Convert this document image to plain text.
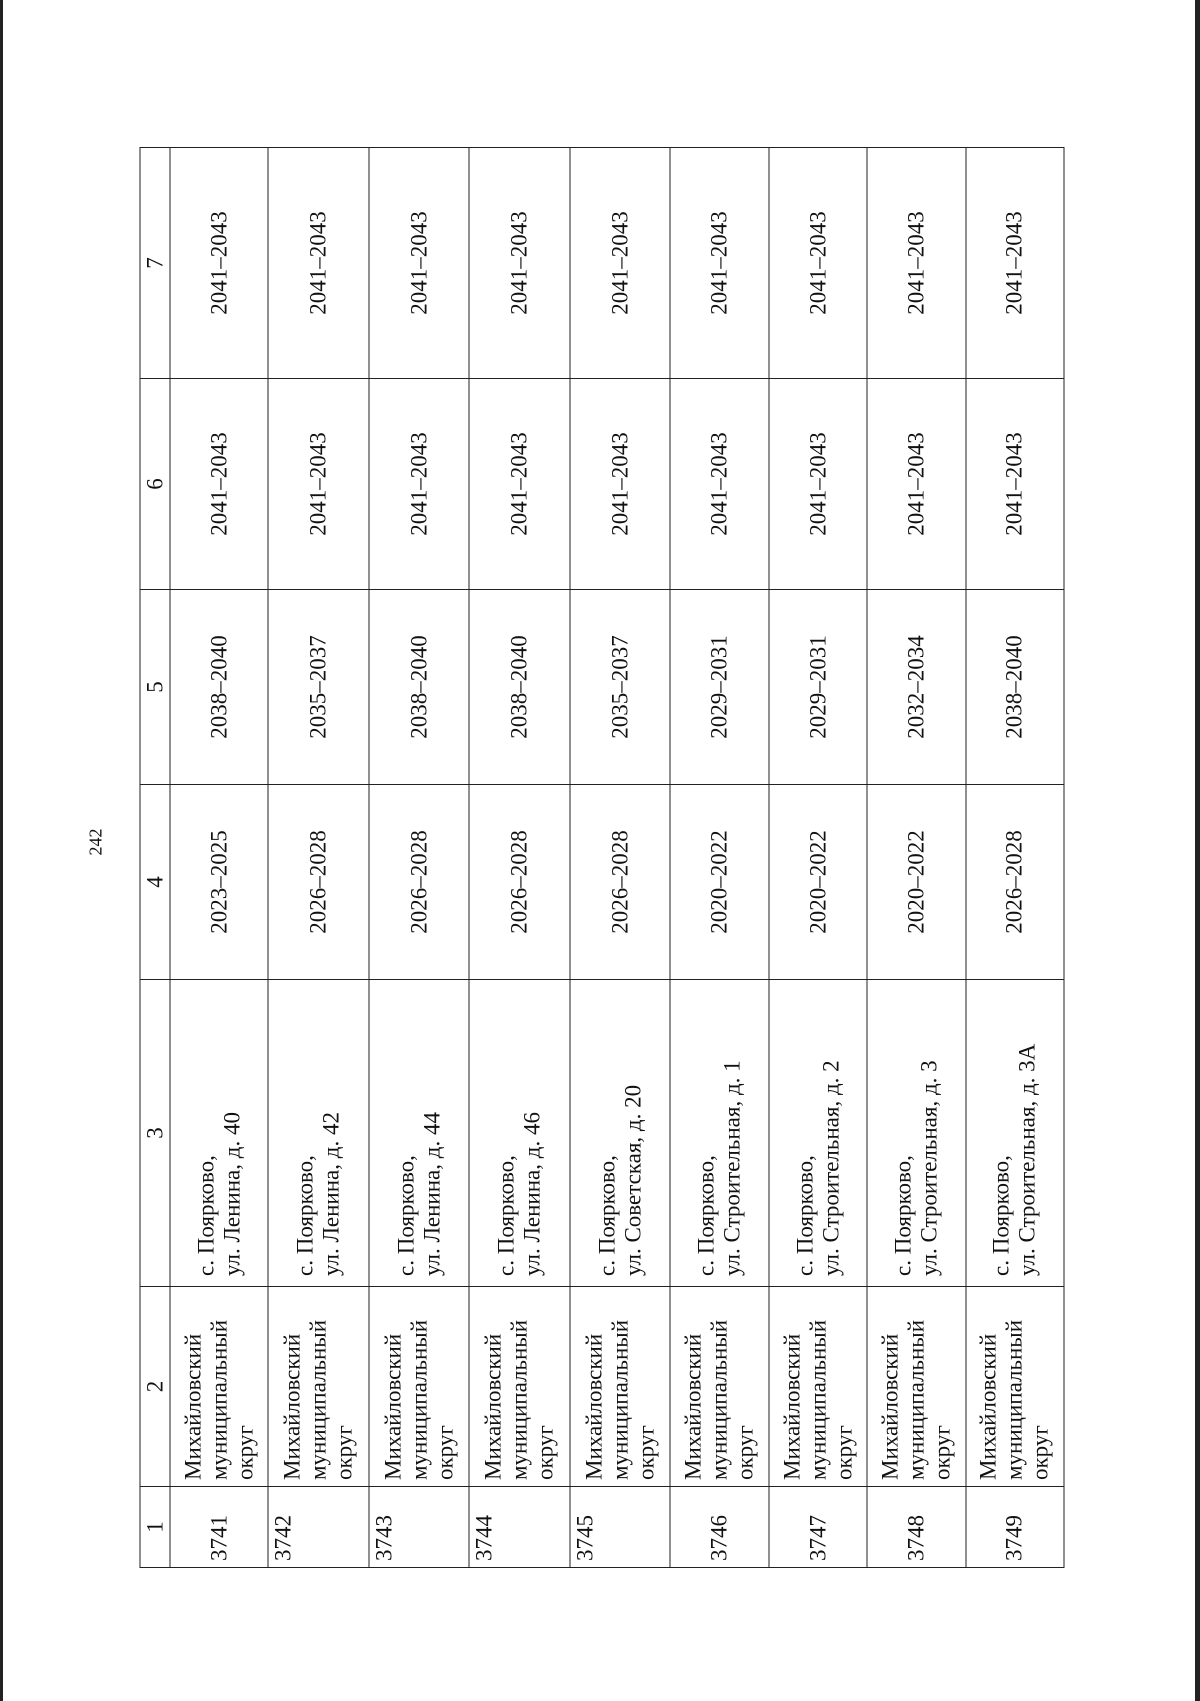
242
1	2	3	4	5	6	7
3741	Михайловский
муниципальный
округ	с. Поярково,
ул. Ленина, д. 40	2023–2025	2038–2040	2041–2043	2041–2043
3742	Михайловский
муниципальный
округ	с. Поярково,
ул. Ленина, д. 42	2026–2028	2035–2037	2041–2043	2041–2043
3743	Михайловский
муниципальный
округ	с. Поярково,
ул. Ленина, д. 44	2026–2028	2038–2040	2041–2043	2041–2043
3744	Михайловский
муниципальный
округ	с. Поярково,
ул. Ленина, д. 46	2026–2028	2038–2040	2041–2043	2041–2043
3745	Михайловский
муниципальный
округ	с. Поярково,
ул. Советская, д. 20	2026–2028	2035–2037	2041–2043	2041–2043
3746	Михайловский
муниципальный
округ	с. Поярково,
ул. Строительная, д. 1	2020–2022	2029–2031	2041–2043	2041–2043
3747	Михайловский
муниципальный
округ	с. Поярково,
ул. Строительная, д. 2	2020–2022	2029–2031	2041–2043	2041–2043
3748	Михайловский
муниципальный
округ	с. Поярково,
ул. Строительная, д. 3	2020–2022	2032–2034	2041–2043	2041–2043
3749	Михайловский
муниципальный
округ	с. Поярково,
ул. Строительная, д. 3А	2026–2028	2038–2040	2041–2043	2041–2043
